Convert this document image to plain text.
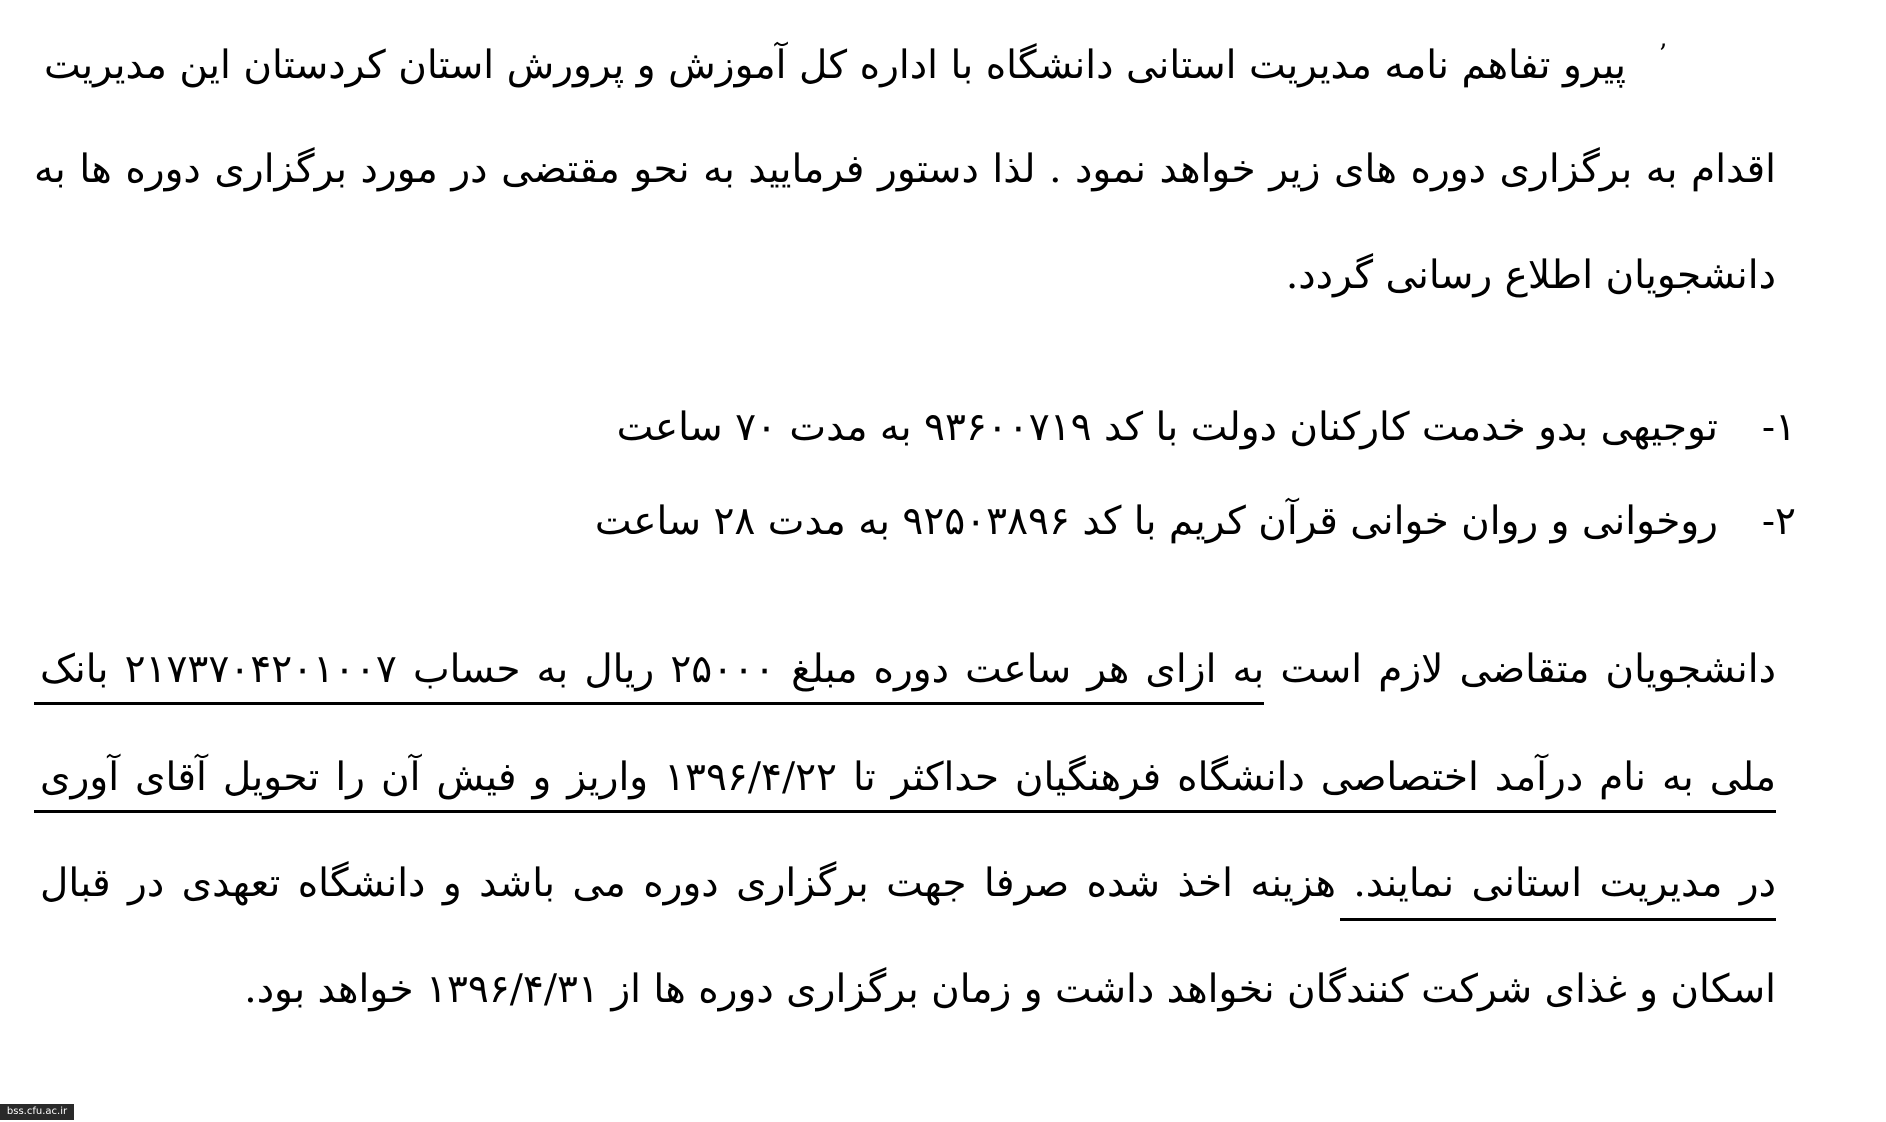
ʼ
پیرو تفاهم نامه مدیریت استانی دانشگاه با اداره کل آموزش و پرورش استان کردستان این مدیریت
اقدام به برگزاری دوره های زیر خواهد نمود . لذا دستور فرمایید به نحو مقتضی در مورد برگزاری دوره ها به
دانشجویان اطلاع رسانی گردد.
۱-
توجیهی بدو خدمت کارکنان دولت با کد ۹۳۶۰۰۷۱۹ به مدت ۷۰ ساعت
۲-
روخوانی و روان خوانی قرآن کریم با کد ۹۲۵۰۳۸۹۶ به مدت ۲۸ ساعت
دانشجویان متقاضی لازم است به ازای هر ساعت دوره مبلغ ۲۵۰۰۰ ریال به حساب ۲۱۷۳۷۰۴۲۰۱۰۰۷ بانک
ملی به نام درآمد اختصاصی دانشگاه فرهنگیان حداکثر تا ۱۳۹۶/۴/۲۲ واریز و فیش آن را تحویل آقای آوری
در مدیریت استانی نمایند. هزینه اخذ شده صرفا جهت برگزاری دوره می باشد و دانشگاه تعهدی در قبال
اسکان و غذای شرکت کنندگان نخواهد داشت و زمان برگزاری دوره ها از ۱۳۹۶/۴/۳۱ خواهد بود.
bss.cfu.ac.ir
